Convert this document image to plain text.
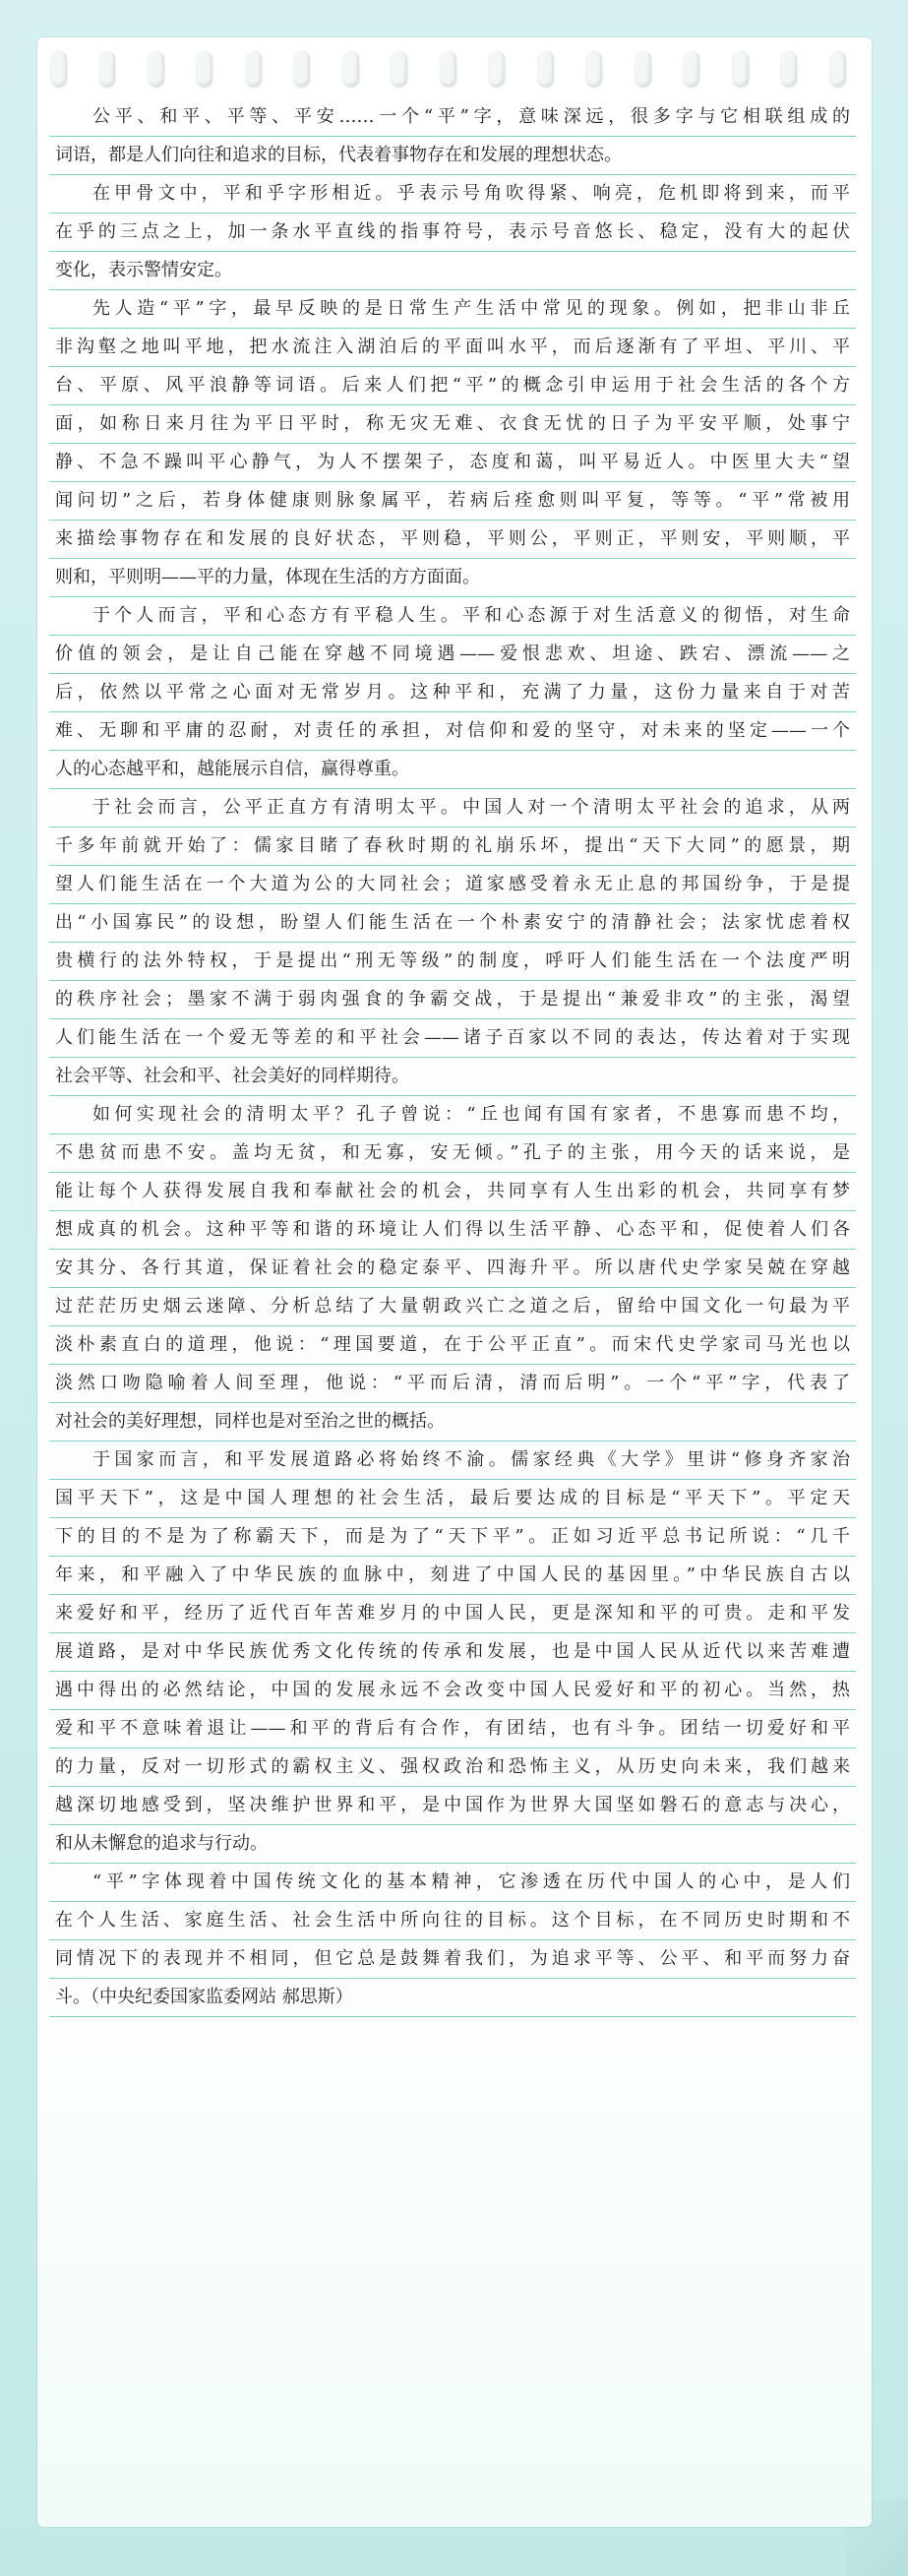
公平、和平、平等、平安……一个“平”字，意味深远，很多字与它相联组成的
词语，都是人们向往和追求的目标，代表着事物存在和发展的理想状态。
在甲骨文中，平和乎字形相近。乎表示号角吹得紧、响亮，危机即将到来，而平
在乎的三点之上，加一条水平直线的指事符号，表示号音悠长、稳定，没有大的起伏
变化，表示警情安定。
先人造“平”字，最早反映的是日常生产生活中常见的现象。例如，把非山非丘
非沟壑之地叫平地，把水流注入湖泊后的平面叫水平，而后逐渐有了平坦、平川、平
台、平原、风平浪静等词语。后来人们把“平”的概念引申运用于社会生活的各个方
面，如称日来月往为平日平时，称无灾无难、衣食无忧的日子为平安平顺，处事宁
静、不急不躁叫平心静气，为人不摆架子，态度和蔼，叫平易近人。中医里大夫“望
闻问切”之后，若身体健康则脉象属平，若病后痊愈则叫平复，等等。“平”常被用
来描绘事物存在和发展的良好状态，平则稳，平则公，平则正，平则安，平则顺，平
则和，平则明——平的力量，体现在生活的方方面面。
于个人而言，平和心态方有平稳人生。平和心态源于对生活意义的彻悟，对生命
价值的领会，是让自己能在穿越不同境遇——爱恨悲欢、坦途、跌宕、漂流——之
后，依然以平常之心面对无常岁月。这种平和，充满了力量，这份力量来自于对苦
难、无聊和平庸的忍耐，对责任的承担，对信仰和爱的坚守，对未来的坚定——一个
人的心态越平和，越能展示自信，赢得尊重。
于社会而言，公平正直方有清明太平。中国人对一个清明太平社会的追求，从两
千多年前就开始了：儒家目睹了春秋时期的礼崩乐坏，提出“天下大同”的愿景，期
望人们能生活在一个大道为公的大同社会；道家感受着永无止息的邦国纷争，于是提
出“小国寡民”的设想，盼望人们能生活在一个朴素安宁的清静社会；法家忧虑着权
贵横行的法外特权，于是提出“刑无等级”的制度，呼吁人们能生活在一个法度严明
的秩序社会；墨家不满于弱肉强食的争霸交战，于是提出“兼爱非攻”的主张，渴望
人们能生活在一个爱无等差的和平社会——诸子百家以不同的表达，传达着对于实现
社会平等、社会和平、社会美好的同样期待。
如何实现社会的清明太平？孔子曾说：“丘也闻有国有家者，不患寡而患不均，
不患贫而患不安。盖均无贫，和无寡，安无倾。”孔子的主张，用今天的话来说，是
能让每个人获得发展自我和奉献社会的机会，共同享有人生出彩的机会，共同享有梦
想成真的机会。这种平等和谐的环境让人们得以生活平静、心态平和，促使着人们各
安其分、各行其道，保证着社会的稳定泰平、四海升平。所以唐代史学家吴兢在穿越
过茫茫历史烟云迷障、分析总结了大量朝政兴亡之道之后，留给中国文化一句最为平
淡朴素直白的道理，他说：“理国要道，在于公平正直”。而宋代史学家司马光也以
淡然口吻隐喻着人间至理，他说：“平而后清，清而后明”。一个“平”字，代表了
对社会的美好理想，同样也是对至治之世的概括。
于国家而言，和平发展道路必将始终不渝。儒家经典《大学》里讲“修身齐家治
国平天下”，这是中国人理想的社会生活，最后要达成的目标是“平天下”。平定天
下的目的不是为了称霸天下，而是为了“天下平”。正如习近平总书记所说：“几千
年来，和平融入了中华民族的血脉中，刻进了中国人民的基因里。”中华民族自古以
来爱好和平，经历了近代百年苦难岁月的中国人民，更是深知和平的可贵。走和平发
展道路，是对中华民族优秀文化传统的传承和发展，也是中国人民从近代以来苦难遭
遇中得出的必然结论，中国的发展永远不会改变中国人民爱好和平的初心。当然，热
爱和平不意味着退让——和平的背后有合作，有团结，也有斗争。团结一切爱好和平
的力量，反对一切形式的霸权主义、强权政治和恐怖主义，从历史向未来，我们越来
越深切地感受到，坚决维护世界和平，是中国作为世界大国坚如磐石的意志与决心，
和从未懈怠的追求与行动。
“平”字体现着中国传统文化的基本精神，它渗透在历代中国人的心中，是人们
在个人生活、家庭生活、社会生活中所向往的目标。这个目标，在不同历史时期和不
同情况下的表现并不相同，但它总是鼓舞着我们，为追求平等、公平、和平而努力奋
斗。（中央纪委国家监委网站 郝思斯）
